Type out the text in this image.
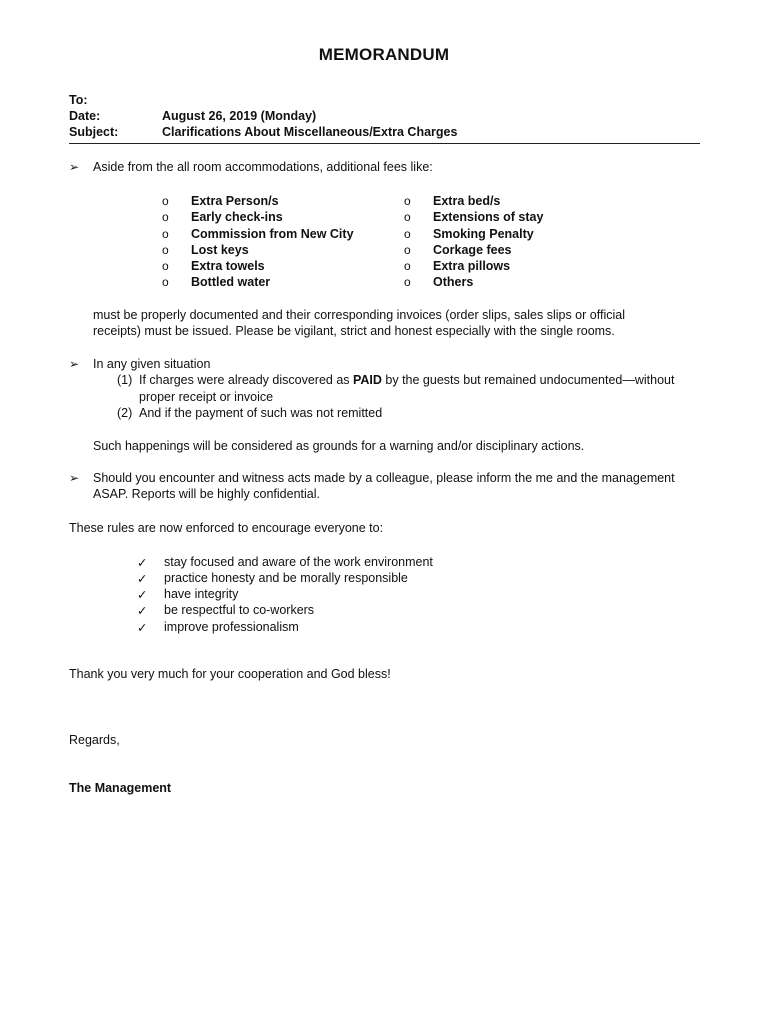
MEMORANDUM
To:
Date:	August 26, 2019 (Monday)
Subject:	Clarifications About Miscellaneous/Extra Charges
➢ Aside from the all room accommodations, additional fees like:
o Extra Person/s	o Extra bed/s
o Early check-ins	o Extensions of stay
o Commission from New City	o Smoking Penalty
o Lost keys	o Corkage fees
o Extra towels	o Extra pillows
o Bottled water	o Others
must be properly documented and their corresponding invoices (order slips, sales slips or official
receipts) must be issued. Please be vigilant, strict and honest especially with the single rooms.
➢ In any given situation
(1) If charges were already discovered as PAID by the guests but remained undocumented—without
proper receipt or invoice
(2) And if the payment of such was not remitted
Such happenings will be considered as grounds for a warning and/or disciplinary actions.
➢ Should you encounter and witness acts made by a colleague, please inform the me and the management
ASAP. Reports will be highly confidential.
These rules are now enforced to encourage everyone to:
✓ stay focused and aware of the work environment
✓ practice honesty and be morally responsible
✓ have integrity
✓ be respectful to co-workers
✓ improve professionalism
Thank you very much for your cooperation and God bless!
Regards,
The Management
